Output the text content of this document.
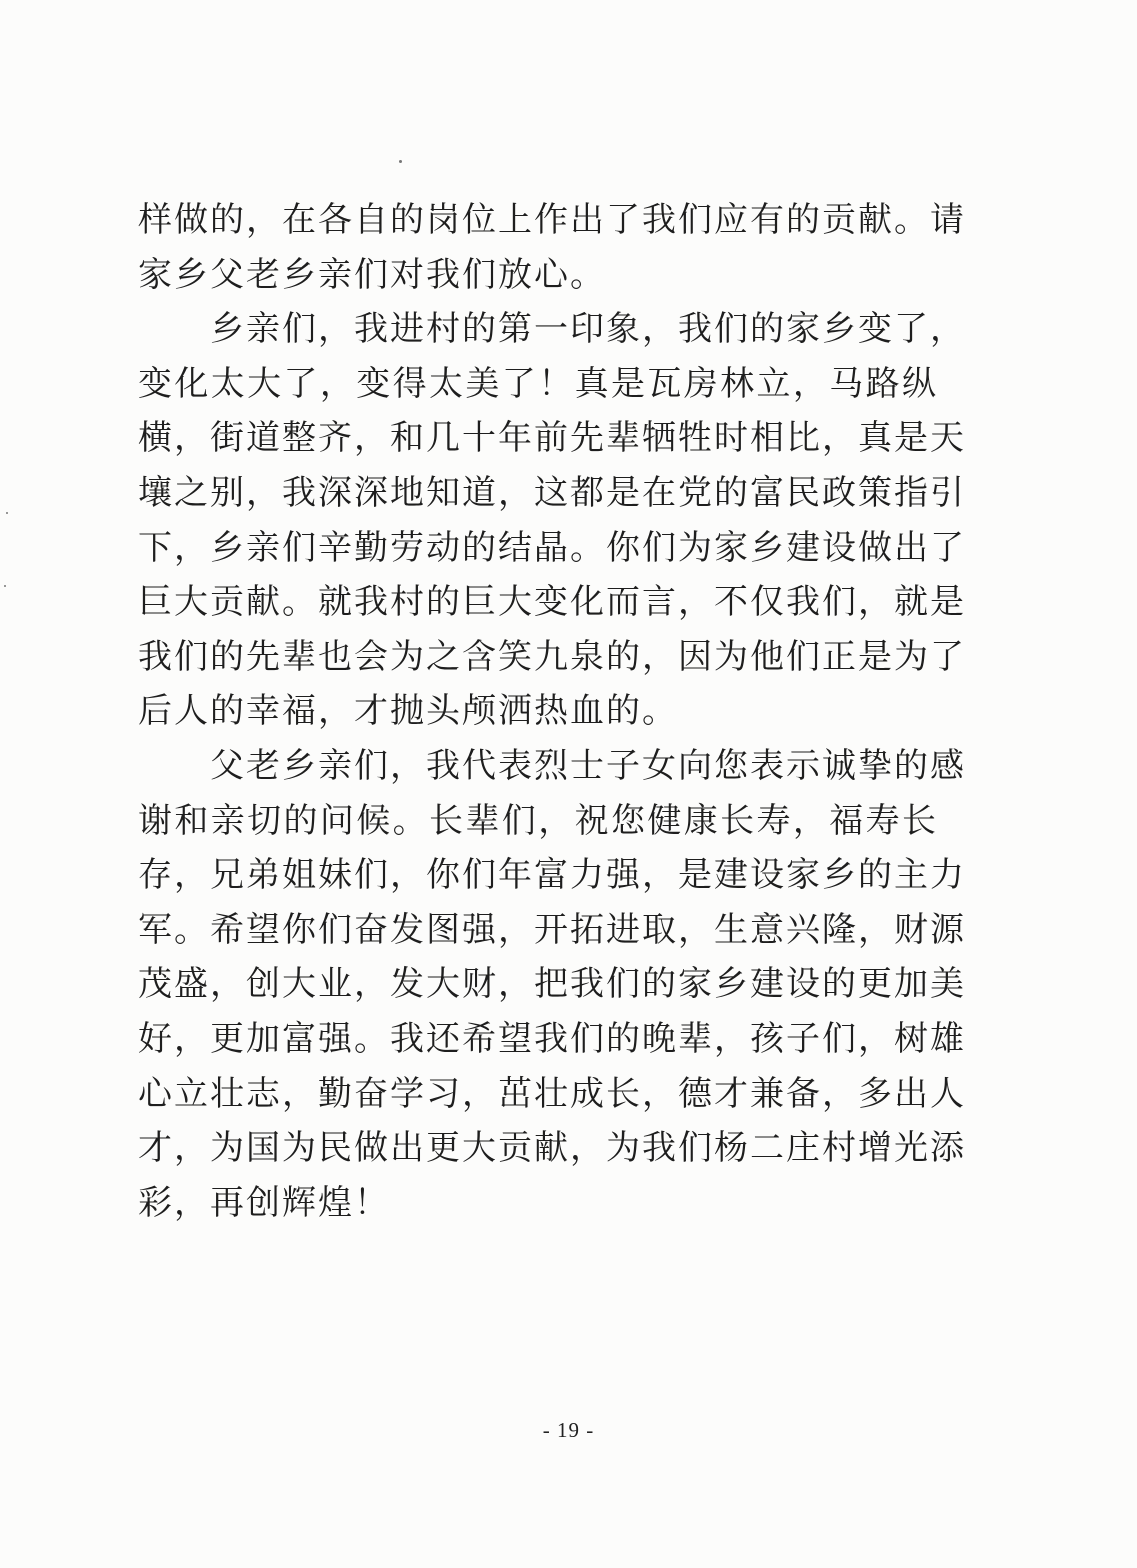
样做的，在各自的岗位上作出了我们应有的贡献。请
家乡父老乡亲们对我们放心。
　　乡亲们，我进村的第一印象，我们的家乡变了，
变化太大了，变得太美了！真是瓦房林立，马路纵
横，街道整齐，和几十年前先辈牺牲时相比，真是天
壤之别，我深深地知道，这都是在党的富民政策指引
下，乡亲们辛勤劳动的结晶。你们为家乡建设做出了
巨大贡献。就我村的巨大变化而言，不仅我们，就是
我们的先辈也会为之含笑九泉的，因为他们正是为了
后人的幸福，才抛头颅洒热血的。
　　父老乡亲们，我代表烈士子女向您表示诚挚的感
谢和亲切的问候。长辈们，祝您健康长寿，福寿长
存，兄弟姐妹们，你们年富力强，是建设家乡的主力
军。希望你们奋发图强，开拓进取，生意兴隆，财源
茂盛，创大业，发大财，把我们的家乡建设的更加美
好，更加富强。我还希望我们的晚辈，孩子们，树雄
心立壮志，勤奋学习，茁壮成长，德才兼备，多出人
才，为国为民做出更大贡献，为我们杨二庄村增光添
彩，再创辉煌！
- 19 -
